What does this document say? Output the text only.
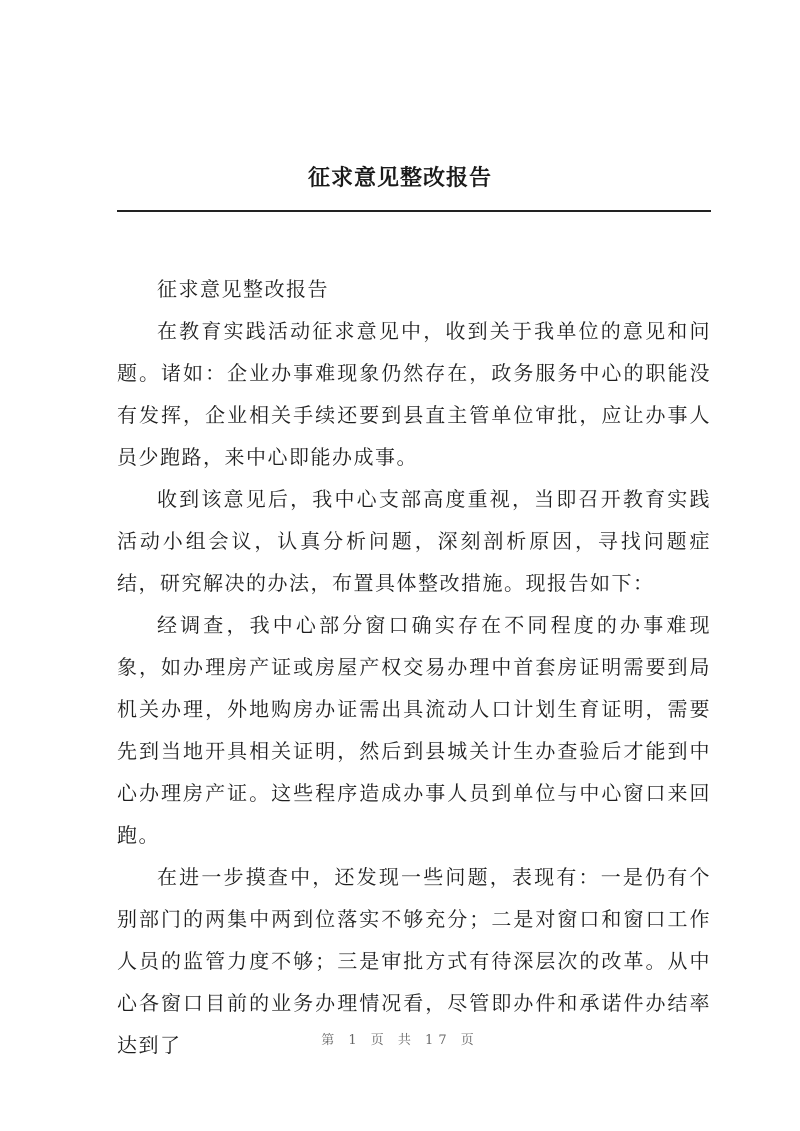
征求意见整改报告

征求意见整改报告

在教育实践活动征求意见中，收到关于我单位的意见和问题。诸如：企业办事难现象仍然存在，政务服务中心的职能没有发挥，企业相关手续还要到县直主管单位审批，应让办事人员少跑路，来中心即能办成事。

收到该意见后，我中心支部高度重视，当即召开教育实践活动小组会议，认真分析问题，深刻剖析原因，寻找问题症结，研究解决的办法，布置具体整改措施。现报告如下：

经调查，我中心部分窗口确实存在不同程度的办事难现象，如办理房产证或房屋产权交易办理中首套房证明需要到局机关办理，外地购房办证需出具流动人口计划生育证明，需要先到当地开具相关证明，然后到县城关计生办查验后才能到中心办理房产证。这些程序造成办事人员到单位与中心窗口来回跑。

在进一步摸查中，还发现一些问题，表现有：一是仍有个别部门的两集中两到位落实不够充分；二是对窗口和窗口工作人员的监管力度不够；三是审批方式有待深层次的改革。从中心各窗口目前的业务办理情况看，尽管即办件和承诺件办结率达到了	第 1 页 共 17 页
